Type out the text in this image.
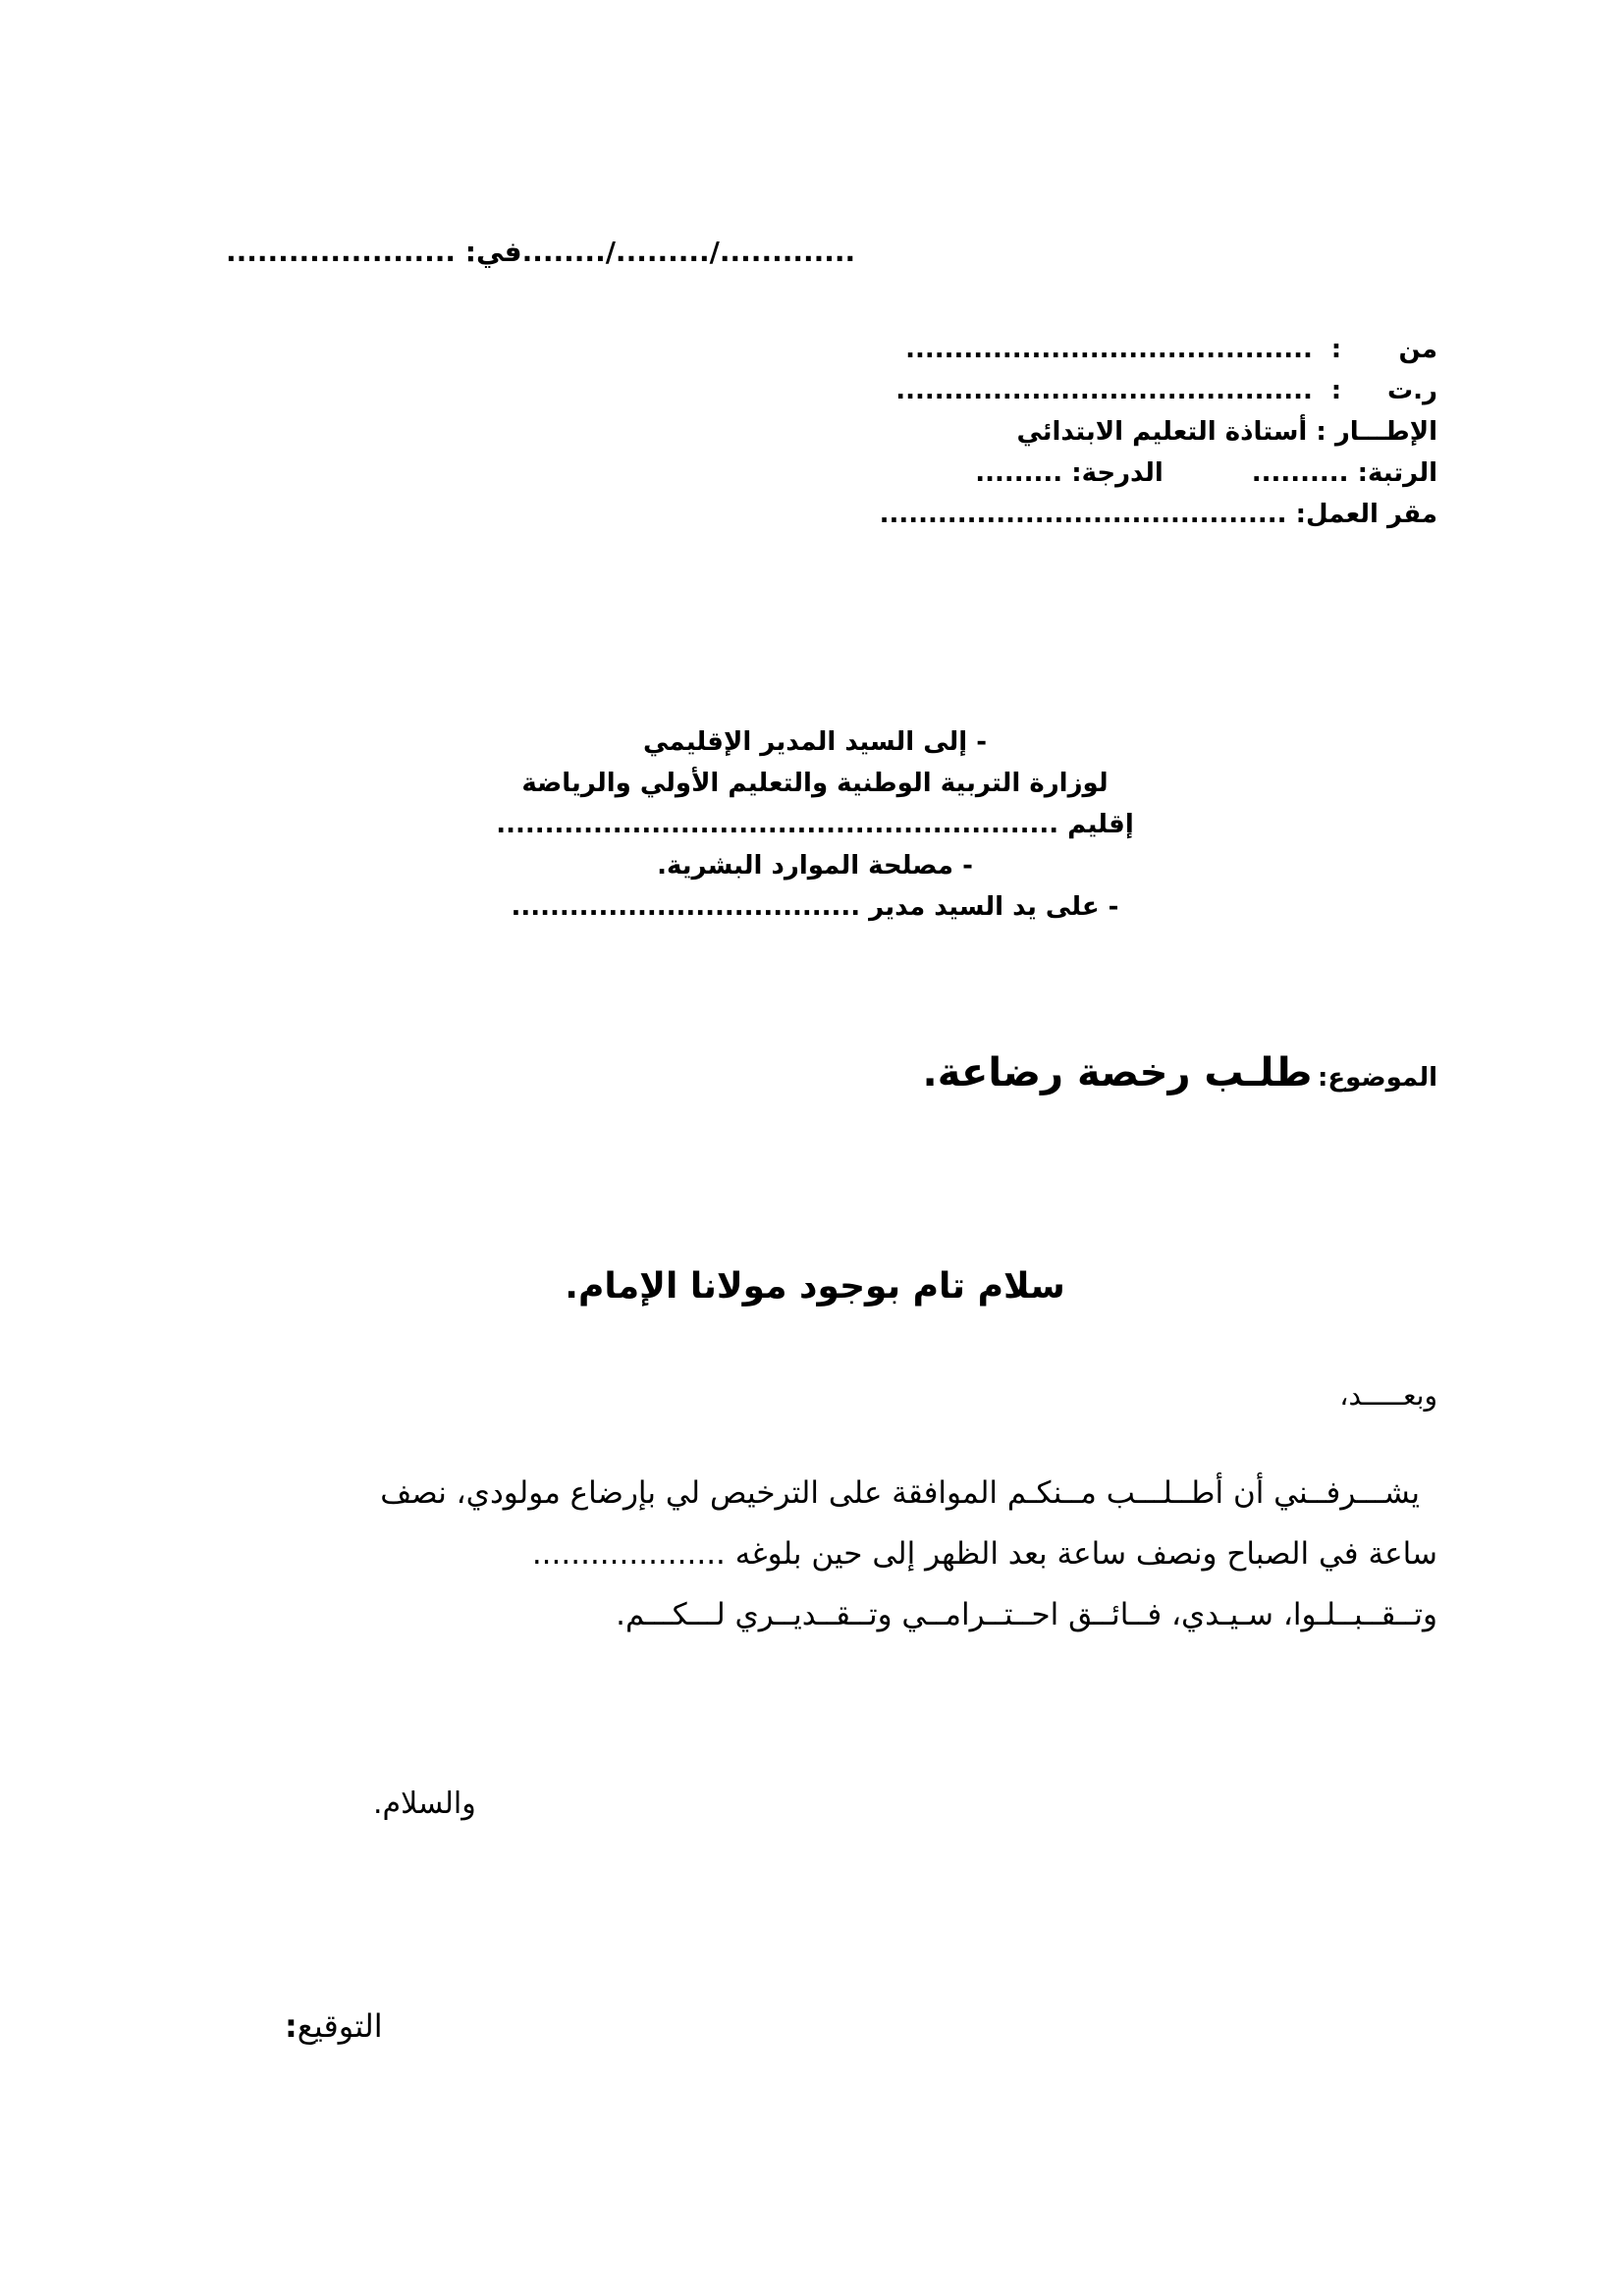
............./........./........في: ......................
من: ..........................................
ر.ت: ...........................................
الإطـــار : أستاذة التعليم الابتدائي
الرتبة: ..........الدرجة: .........
مقر العمل: ..........................................
- إلى السيد المدير الإقليمي
لوزارة التربية الوطنية والتعليم الأولي والرياضة
إقليم ..........................................................
- مصلحة الموارد البشرية.
- على يد السيد مدير ....................................
الموضوع: طلـب رخصة رضاعة.
سلام تام بوجود مولانا الإمام.
وبعـــــد،
يشـــرفــني أن أطــلـــب مــنكـم الموافقة على الترخيص لي بإرضاع مولودي، نصف
ساعة في الصباح ونصف ساعة بعد الظهر إلى حين بلوغه ....................
وتــقــبــلـوا، سـيـدي، فــائــق احــتــرامــي وتــقــديــري لـــكـــم.
والسلام.
التوقيع:
